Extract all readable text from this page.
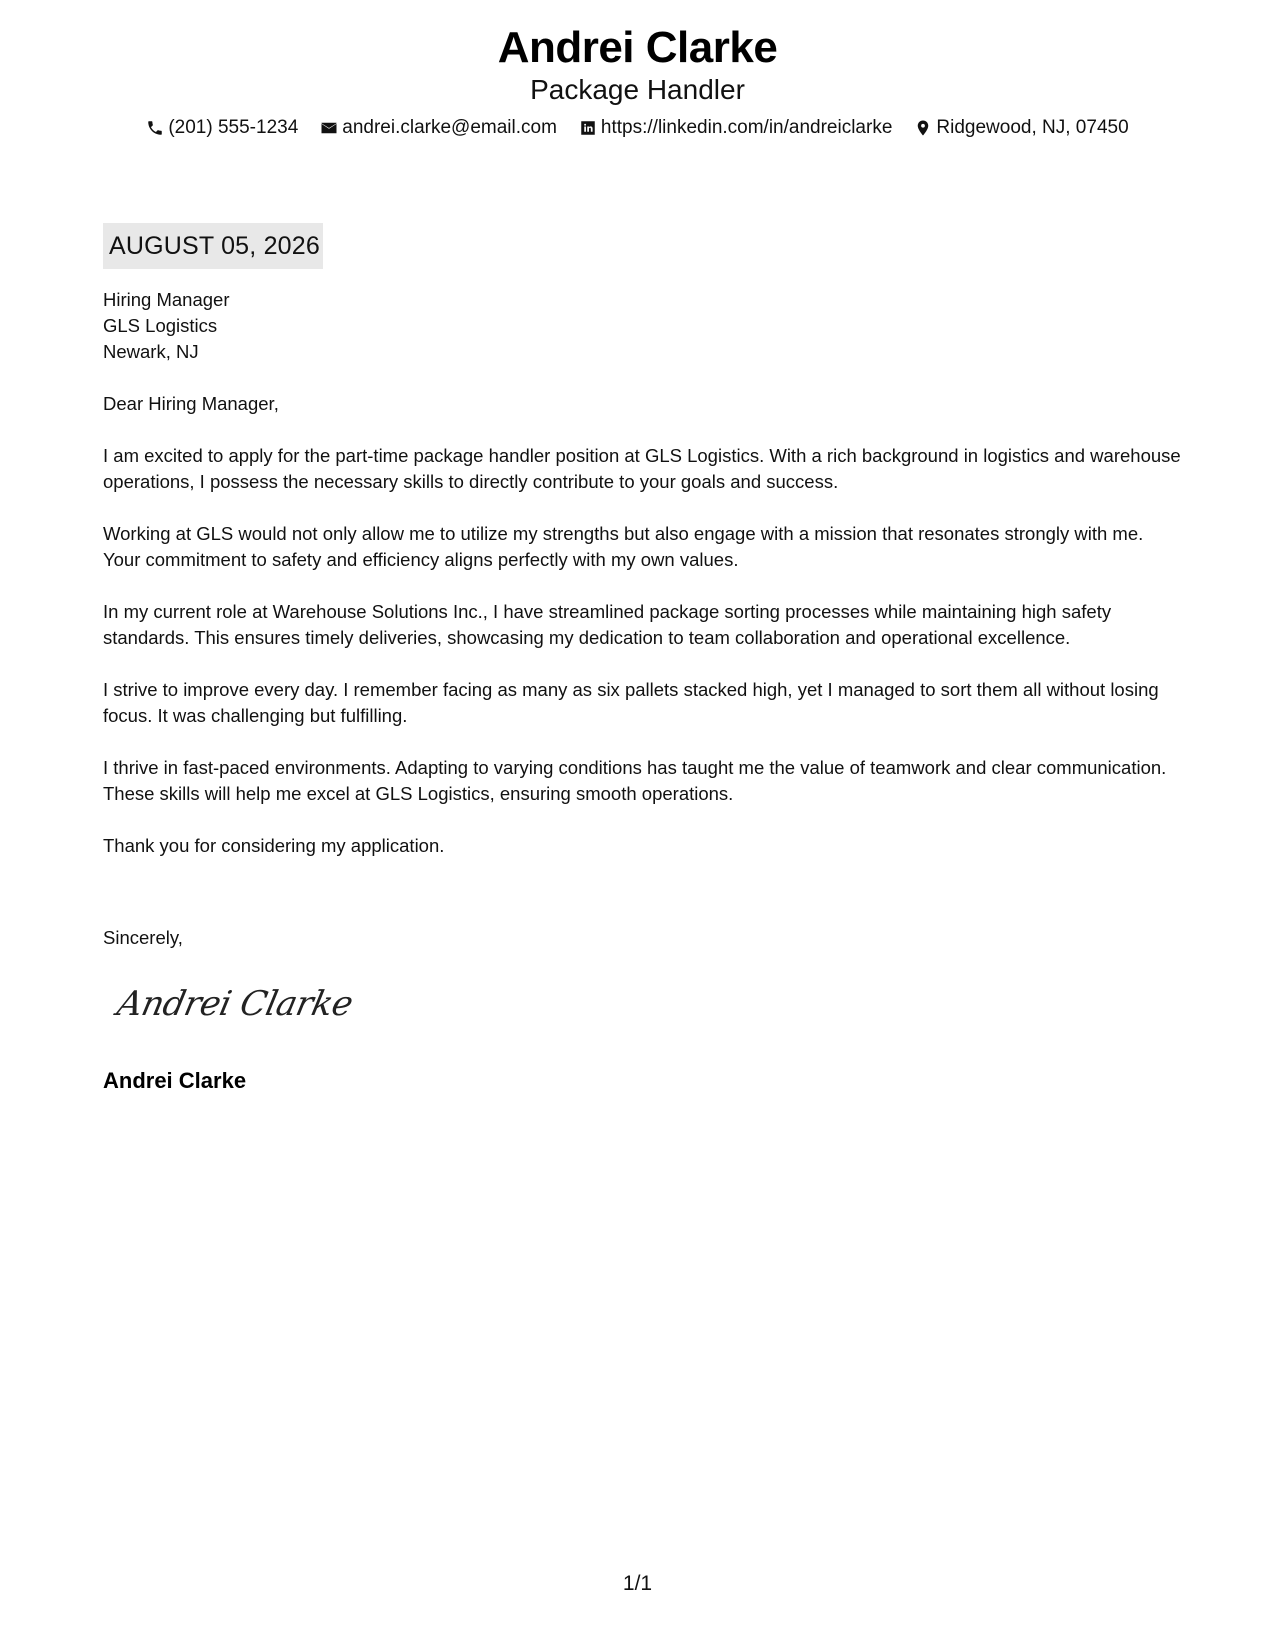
Andrei Clarke
Package Handler
(201) 555-1234 andrei.clarke@email.com https://linkedin.com/in/andreiclarke Ridgewood, NJ, 07450
AUGUST 05, 2026
Hiring Manager
GLS Logistics
Newark, NJ

Dear Hiring Manager,

I am excited to apply for the part-time package handler position at GLS Logistics. With a rich background in logistics and warehouse operations, I possess the necessary skills to directly contribute to your goals and success.

Working at GLS would not only allow me to utilize my strengths but also engage with a mission that resonates strongly with me. Your commitment to safety and efficiency aligns perfectly with my own values.

In my current role at Warehouse Solutions Inc., I have streamlined package sorting processes while maintaining high safety standards. This ensures timely deliveries, showcasing my dedication to team collaboration and operational excellence.

I strive to improve every day. I remember facing as many as six pallets stacked high, yet I managed to sort them all without losing focus. It was challenging but fulfilling.

I thrive in fast-paced environments. Adapting to varying conditions has taught me the value of teamwork and clear communication. These skills will help me excel at GLS Logistics, ensuring smooth operations.

Thank you for considering my application.

Sincerely,
Andrei Clarke
Andrei Clarke
1/1
